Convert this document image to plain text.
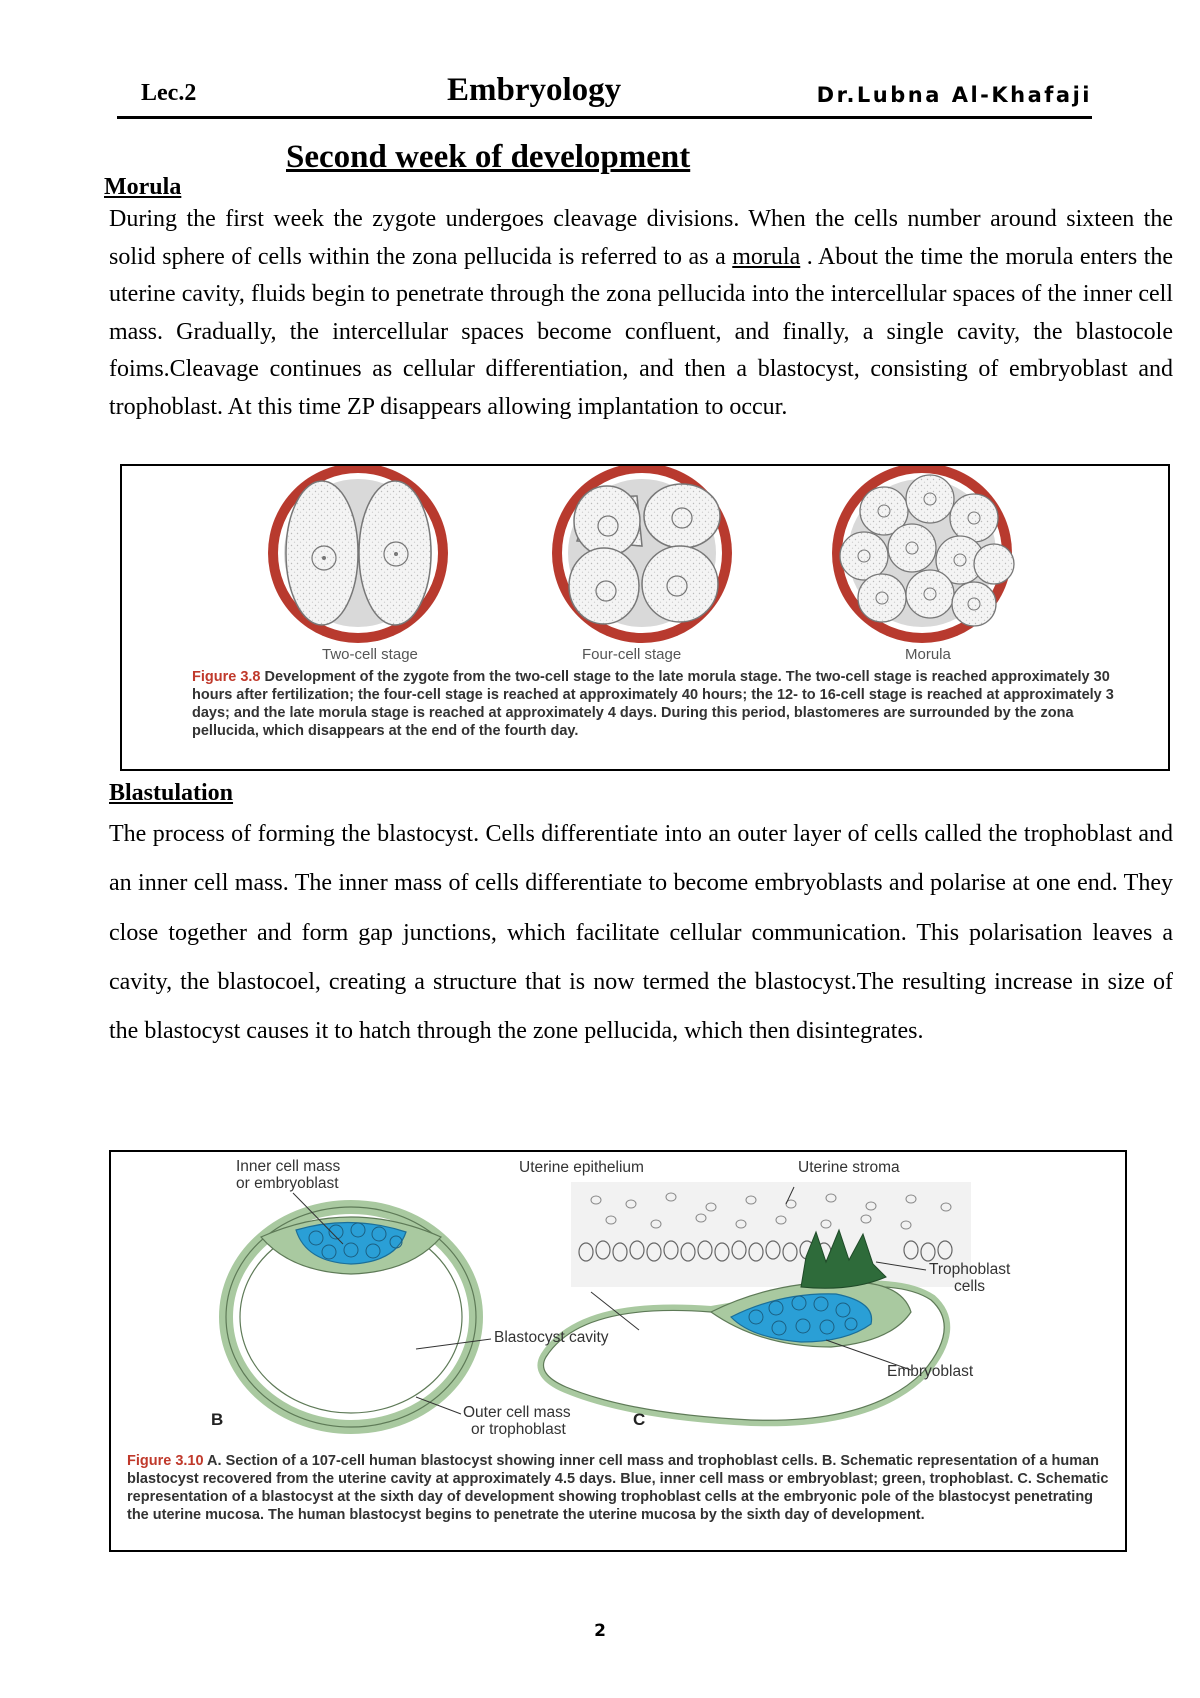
Lec.2	Embryology	Dr.Lubna Al-Khafaji
Second week of development
Morula

During the first week the zygote undergoes cleavage divisions. When the cells number around sixteen the solid sphere of cells within the zona pellucida is referred to as a morula . About the time the morula enters the uterine cavity, fluids begin to penetrate through the zona pellucida into the intercellular spaces of the inner cell mass. Gradually, the intercellular spaces become confluent, and finally, a single cavity, the blastocole foims.Cleavage continues as cellular differentiation, and then a blastocyst, consisting of embryoblast and trophoblast. At this time ZP disappears allowing implantation to occur.

Two-cell stage	Four-cell stage	Morula

Figure 3.8 Development of the zygote from the two-cell stage to the late morula stage. The two-cell stage is reached approximately 30 hours after fertilization; the four-cell stage is reached at approximately 40 hours; the 12- to 16-cell stage is reached at approximately 3 days; and the late morula stage is reached at approximately 4 days. During this period, blastomeres are surrounded by the zona pellucida, which disappears at the end of the fourth day.

Blastulation

The process of forming the blastocyst. Cells differentiate into an outer layer of cells called the trophoblast and an inner cell mass. The inner mass of cells differentiate to become embryoblasts and polarise at one end. They close together and form gap junctions, which facilitate cellular communication. This polarisation leaves a cavity, the blastocoel, creating a structure that is now termed the blastocyst.The resulting increase in size of the blastocyst causes it to hatch through the zone pellucida, which then disintegrates.

Inner cell mass
or embryoblast
Blastocyst cavity
Outer cell mass
or trophoblast
Uterine epithelium	Uterine stroma
Trophoblast
cells
Embryoblast
B	C

Figure 3.10 A. Section of a 107-cell human blastocyst showing inner cell mass and trophoblast cells. B. Schematic representation of a human blastocyst recovered from the uterine cavity at approximately 4.5 days. Blue, inner cell mass or embryoblast; green, trophoblast. C. Schematic representation of a blastocyst at the sixth day of development showing trophoblast cells at the embryonic pole of the blastocyst penetrating the uterine mucosa. The human blastocyst begins to penetrate the uterine mucosa by the sixth day of development.

2
